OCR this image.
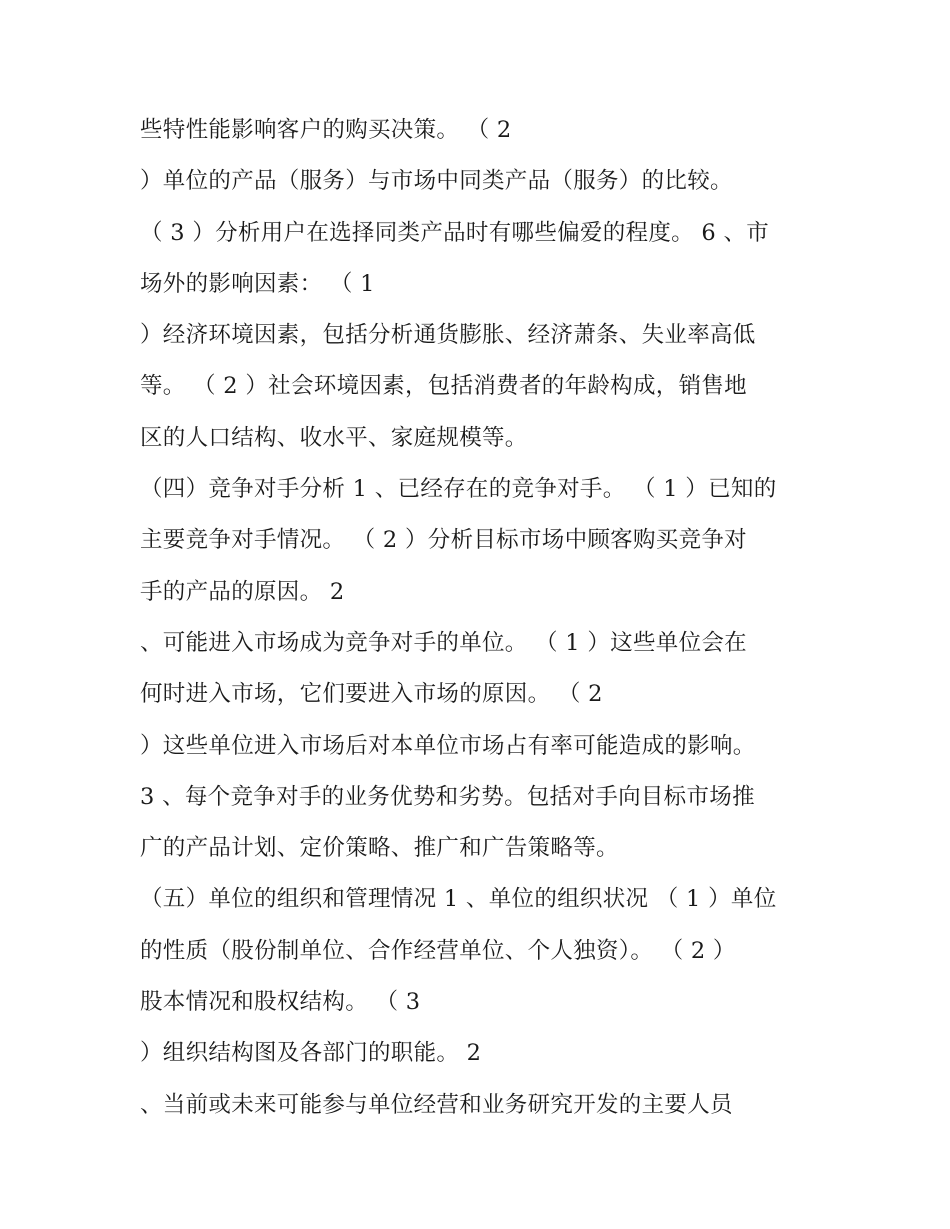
些特性能影响客户的购买决策。 （ 2
）单位的产品（服务）与市场中同类产品（服务）的比较。
（ 3 ）分析用户在选择同类产品时有哪些偏爱的程度。 6 、市
场外的影响因素： （ 1
）经济环境因素，包括分析通货膨胀、经济萧条、失业率高低
等。 （ 2 ）社会环境因素，包括消费者的年龄构成，销售地
区的人口结构、收水平、家庭规模等。
（四）竞争对手分析 1 、已经存在的竞争对手。 （ 1 ）已知的
主要竞争对手情况。 （ 2 ）分析目标市场中顾客购买竞争对
手的产品的原因。 2
、可能进入市场成为竞争对手的单位。 （ 1 ）这些单位会在
何时进入市场，它们要进入市场的原因。 （ 2
）这些单位进入市场后对本单位市场占有率可能造成的影响。
3 、每个竞争对手的业务优势和劣势。包括对手向目标市场推
广的产品计划、定价策略、推广和广告策略等。
（五）单位的组织和管理情况 1 、单位的组织状况 （ 1 ）单位
的性质（股份制单位、合作经营单位、个人独资）。 （ 2 ）
股本情况和股权结构。 （ 3
）组织结构图及各部门的职能。 2
、当前或未来可能参与单位经营和业务研究开发的主要人员
